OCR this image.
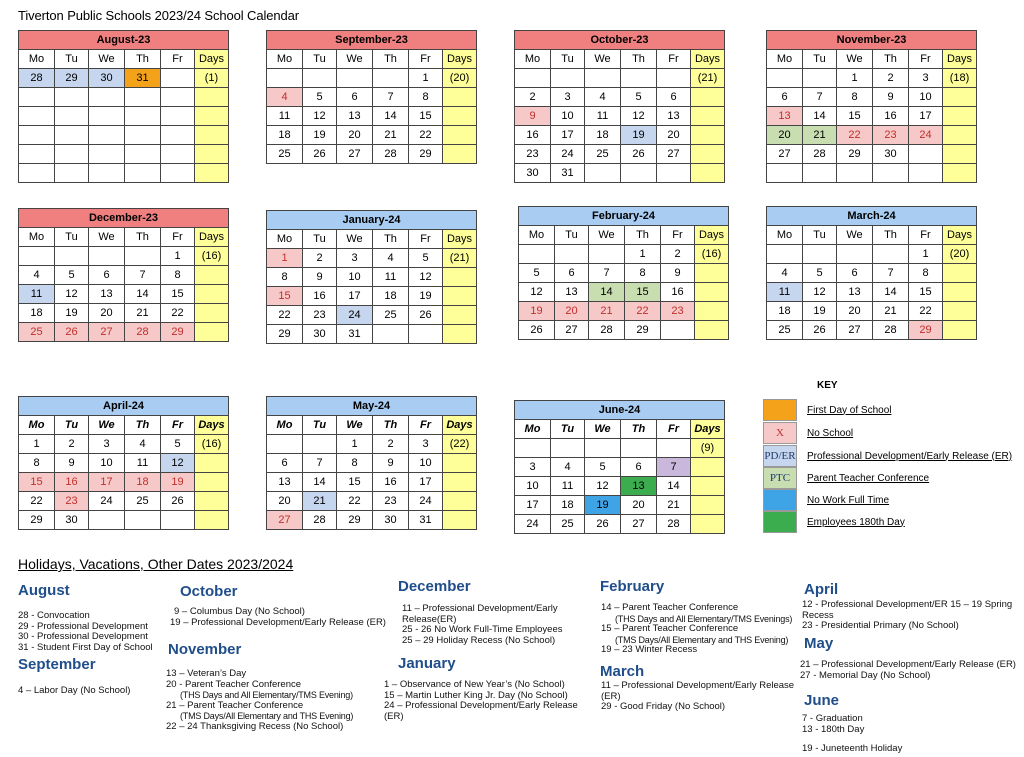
Tiverton Public Schools 2023/24 School Calendar
August-23					
Mo	Tu	We	Th	Fr	Days
28	29	30	31		(1)

September-23					
Mo	Tu	We	Th	Fr	Days
				1	(20)
4	5	6	7	8	
11	12	13	14	15	
18	19	20	21	22	
25	26	27	28	29	
October-23					
Mo	Tu	We	Th	Fr	Days
					(21)
2	3	4	5	6	
9	10	11	12	13	
16	17	18	19	20	
23	24	25	26	27	
30	31				
November-23					
Mo	Tu	We	Th	Fr	Days
		1	2	3	(18)
6	7	8	9	10	
13	14	15	16	17	
20	21	22	23	24	
27	28	29	30		

December-23					
Mo	Tu	We	Th	Fr	Days
				1	(16)
4	5	6	7	8	
11	12	13	14	15	
18	19	20	21	22	
25	26	27	28	29	
January-24					
Mo	Tu	We	Th	Fr	Days
1	2	3	4	5	(21)
8	9	10	11	12	
15	16	17	18	19	
22	23	24	25	26	
29	30	31			
February-24					
Mo	Tu	We	Th	Fr	Days
			1	2	(16)
5	6	7	8	9	
12	13	14	15	16	
19	20	21	22	23	
26	27	28	29		
March-24					
Mo	Tu	We	Th	Fr	Days
				1	(20)
4	5	6	7	8	
11	12	13	14	15	
18	19	20	21	22	
25	26	27	28	29	
April-24					
Mo	Tu	We	Th	Fr	Days
1	2	3	4	5	(16)
8	9	10	11	12	
15	16	17	18	19	
22	23	24	25	26	
29	30				
May-24					
Mo	Tu	We	Th	Fr	Days
		1	2	3	(22)
6	7	8	9	10	
13	14	15	16	17	
20	21	22	23	24	
27	28	29	30	31	
June-24					
Mo	Tu	We	Th	Fr	Days
					(9)
3	4	5	6	7	
10	11	12	13	14	
17	18	19	20	21	
24	25	26	27	28	
KEY
First Day of School
X	No School
PD/ER Professional Development/Early Release (ER)
PTC	Parent Teacher Conference
No Work Full Time
Employees 180th Day
Holidays, Vacations, Other Dates 2023/2024
August
28 - Convocation
29 - Professional Development
30 - Professional Development
31 - Student First Day of School
September
4 – Labor Day (No School)
October
9 – Columbus Day (No School)
19 – Professional Development/Early Release (ER)
November
13 – Veteran’s Day
20 - Parent Teacher Conference
(THS Days and All Elementary/TMS Evening)
21 – Parent Teacher Conference
(TMS Days/All Elementary and THS Evening)
22 – 24 Thanksgiving Recess (No School)
December
11 – Professional Development/Early
Release(ER)
25 - 26 No Work Full-Time Employees
25 – 29 Holiday Recess (No School)
January
1 – Observance of New Year’s (No School)
15 – Martin Luther King Jr. Day (No School)
24 – Professional Development/Early Release
(ER)
February
14 – Parent Teacher Conference
(THS Days and All Elementary/TMS Evenings)
15 – Parent Teacher Conference
(TMS Days/All Elementary and THS Evening)
19 – 23 Winter Recess
March
11 – Professional Development/Early Release
(ER)
29 - Good Friday (No School)
April
12 - Professional Development/ER 15 – 19 Spring
Recess
23 - Presidential Primary (No School)
May
21 – Professional Development/Early Release (ER)
27 - Memorial Day (No School)
June
7 - Graduation
13 - 180th Day
19 - Juneteenth Holiday
